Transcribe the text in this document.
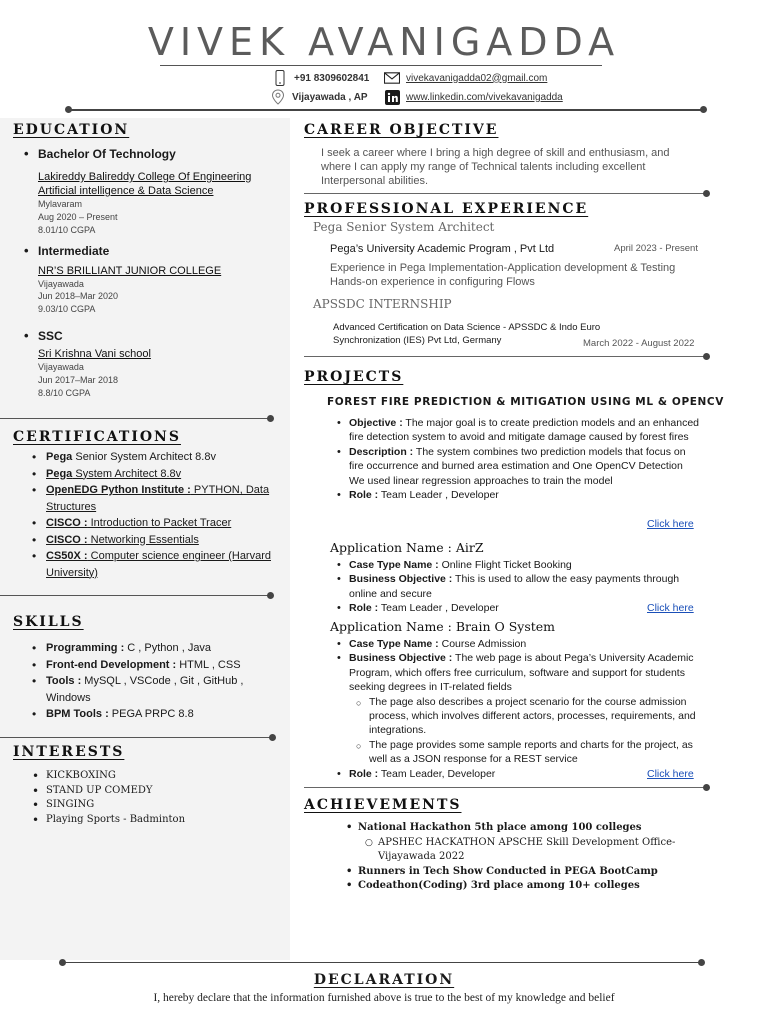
VIVEK AVANIGADDA
+91 8309602841
Vijayawada , AP
vivekavanigadda02@gmail.com
www.linkedin.com/vivekavanigadda
EDUCATION
• Bachelor Of Technology
Lakireddy Balireddy College Of Engineering
Artificial intelligence & Data Science
Mylavaram
Aug 2020 – Present
8.01/10 CGPA
• Intermediate
NR’S BRILLIANT JUNIOR COLLEGE
Vijayawada
Jun 2018–Mar 2020
9.03/10 CGPA
• SSC
Sri Krishna Vani school
Vijayawada
Jun 2017–Mar 2018
8.8/10 CGPA
CERTIFICATIONS
• Pega Senior System Architect 8.8v
• Pega System Architect 8.8v
• OpenEDG Python Institute : PYTHON, Data Structures
• CISCO : Introduction to Packet Tracer
• CISCO : Networking Essentials
• CS50X : Computer science engineer (Harvard University)
SKILLS
• Programming : C , Python , Java
• Front-end Development : HTML , CSS
• Tools : MySQL , VSCode , Git , GitHub , Windows
• BPM Tools : PEGA PRPC 8.8
INTERESTS
• KICKBOXING
• STAND UP COMEDY
• SINGING
• Playing Sports - Badminton
CAREER OBJECTIVE
I seek a career where I bring a high degree of skill and enthusiasm, and where I can apply my range of Technical talents including excellent Interpersonal abilities.
PROFESSIONAL EXPERIENCE
Pega Senior System Architect
Pega’s University Academic Program , Pvt Ltd	April 2023 - Present
Experience in Pega Implementation-Application development & Testing Hands-on experience in configuring Flows
APSSDC INTERNSHIP
Advanced Certification on Data Science - APSSDC & Indo Euro
Synchronization (IES) Pvt Ltd, Germany	March 2022 - August 2022
PROJECTS
FOREST FIRE PREDICTION & MITIGATION USING ML & OPENCV
• Objective : The major goal is to create prediction models and an enhanced fire detection system to avoid and mitigate damage caused by forest fires
• Description : The system combines two prediction models that focus on fire occurrence and burned area estimation and One OpenCV Detection We used linear regression approaches to train the model
• Role : Team Leader , Developer
Click here
Application Name : AirZ
• Case Type Name : Online Flight Ticket Booking
• Business Objective : This is used to allow the easy payments through online and secure
• Role : Team Leader , Developer	Click here
Application Name : Brain O System
• Case Type Name : Course Admission
• Business Objective : The web page is about Pega’s University Academic Program, which offers free curriculum, software and support for students seeking degrees in IT-related fields
○ The page also describes a project scenario for the course admission process, which involves different actors, processes, requirements, and integrations.
○ The page provides some sample reports and charts for the project, as well as a JSON response for a REST service
• Role : Team Leader, Developer	Click here
ACHIEVEMENTS
• National Hackathon 5th place among 100 colleges
○ APSHEC HACKATHON APSCHE Skill Development Office-Vijayawada 2022
• Runners in Tech Show Conducted in PEGA BootCamp
• Codeathon(Coding) 3rd place among 10+ colleges
DECLARATION
I, hereby declare that the information furnished above is true to the best of my knowledge and belief
